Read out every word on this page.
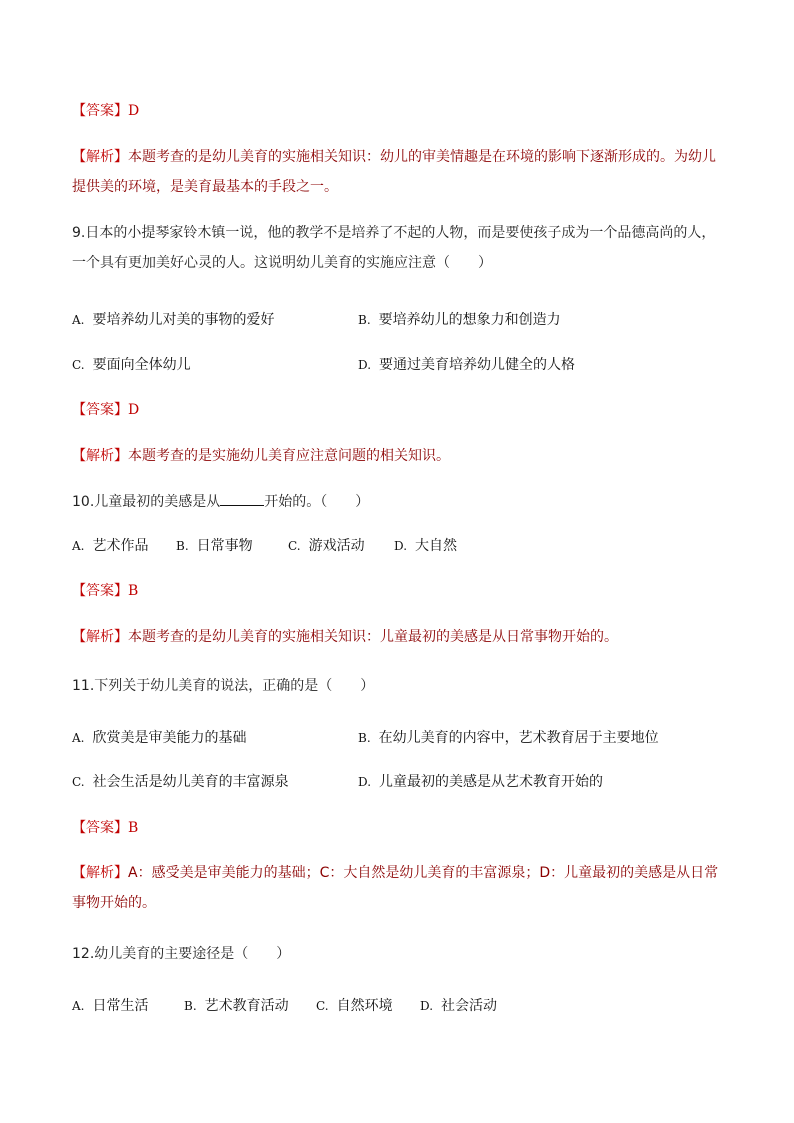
【答案】D
【解析】本题考查的是幼儿美育的实施相关知识：幼儿的审美情趣是在环境的影响下逐渐形成的。为幼儿提供美的环境，是美育最基本的手段之一。
9.日本的小提琴家铃木镇一说，他的教学不是培养了不起的人物，而是要使孩子成为一个品德高尚的人，一个具有更加美好心灵的人。这说明幼儿美育的实施应注意（　　）
A. 要培养幼儿对美的事物的爱好	B. 要培养幼儿的想象力和创造力
C. 要面向全体幼儿	D. 要通过美育培养幼儿健全的人格
【答案】D
【解析】本题考查的是实施幼儿美育应注意问题的相关知识。
10.儿童最初的美感是从	开始的。（　　）
A. 艺术作品 B. 日常事物	C. 游戏活动 D. 大自然
【答案】B
【解析】本题考查的是幼儿美育的实施相关知识：儿童最初的美感是从日常事物开始的。
11.下列关于幼儿美育的说法，正确的是（　　）
A. 欣赏美是审美能力的基础	B. 在幼儿美育的内容中，艺术教育居于主要地位
C. 社会生活是幼儿美育的丰富源泉	D. 儿童最初的美感是从艺术教育开始的
【答案】B
【解析】A：感受美是审美能力的基础；C：大自然是幼儿美育的丰富源泉；D：儿童最初的美感是从日常事物开始的。
12.幼儿美育的主要途径是（　　）
A. 日常生活	B. 艺术教育活动 C. 自然环境 D. 社会活动
